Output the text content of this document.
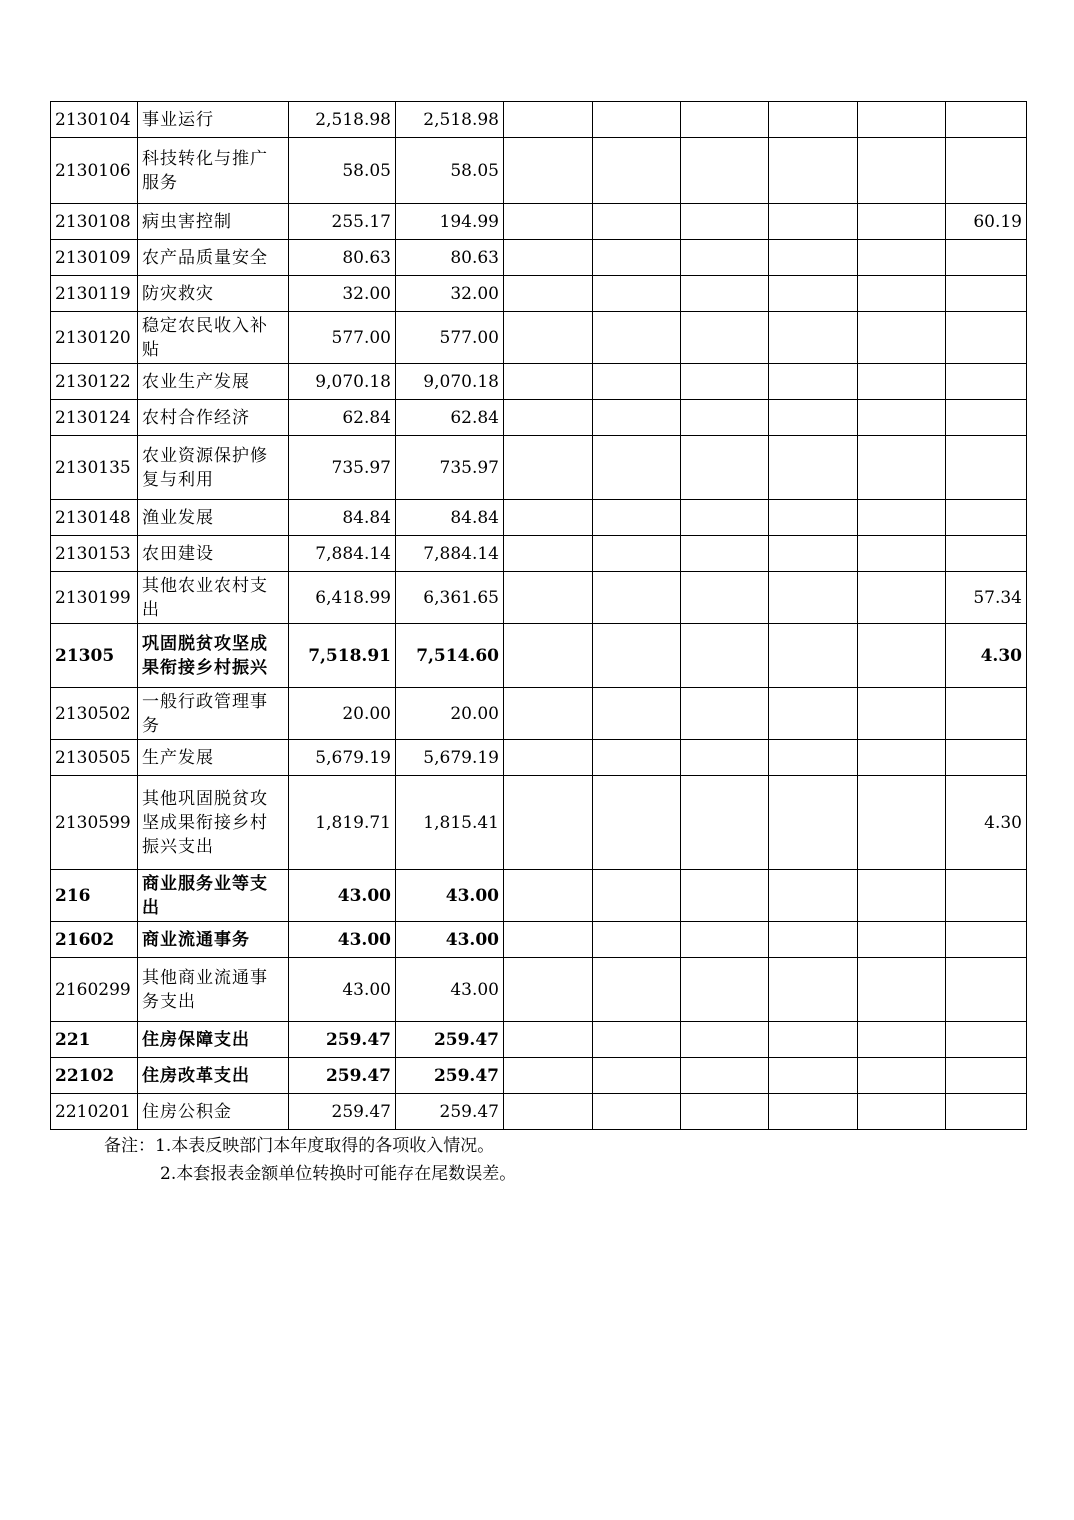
2130104	事业运行	2,518.98	2,518.98						
2130106	科技转化与推广服务	58.05	58.05						
2130108	病虫害控制	255.17	194.99						60.19
2130109	农产品质量安全	80.63	80.63						
2130119	防灾救灾	32.00	32.00						
2130120	稳定农民收入补贴	577.00	577.00						
2130122	农业生产发展	9,070.18	9,070.18						
2130124	农村合作经济	62.84	62.84						
2130135	农业资源保护修复与利用	735.97	735.97						
2130148	渔业发展	84.84	84.84						
2130153	农田建设	7,884.14	7,884.14						
2130199	其他农业农村支出	6,418.99	6,361.65						57.34
21305	巩固脱贫攻坚成果衔接乡村振兴	7,518.91	7,514.60						4.30
2130502	一般行政管理事务	20.00	20.00						
2130505	生产发展	5,679.19	5,679.19						
2130599	其他巩固脱贫攻坚成果衔接乡村振兴支出	1,819.71	1,815.41						4.30
216	商业服务业等支出	43.00	43.00						
21602	商业流通事务	43.00	43.00						
2160299	其他商业流通事务支出	43.00	43.00						
221	住房保障支出	259.47	259.47						
22102	住房改革支出	259.47	259.47						
2210201	住房公积金	259.47	259.47						
备注：1.本表反映部门本年度取得的各项收入情况。
2.本套报表金额单位转换时可能存在尾数误差。
